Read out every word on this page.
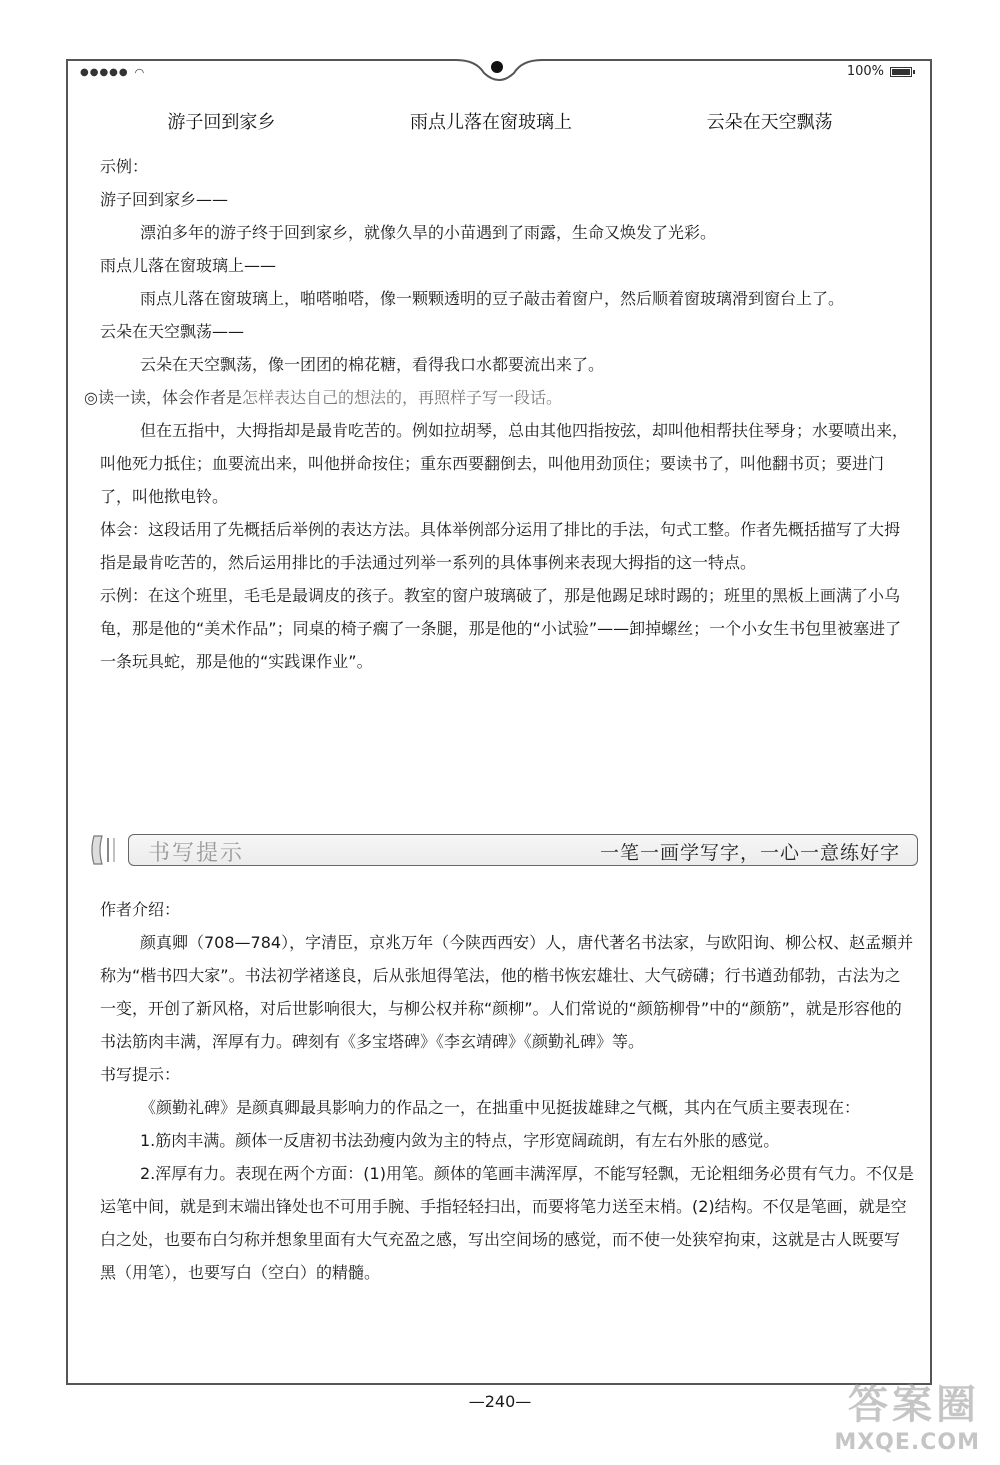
●●●●● ◠	100%
游子回到家乡	雨点儿落在窗玻璃上	云朵在天空飘荡

示例：

游子回到家乡——

漂泊多年的游子终于回到家乡，就像久旱的小苗遇到了雨露，生命又焕发了光彩。

雨点儿落在窗玻璃上——

雨点儿落在窗玻璃上，啪嗒啪嗒，像一颗颗透明的豆子敲击着窗户，然后顺着窗玻璃滑到窗台上了。

云朵在天空飘荡——

云朵在天空飘荡，像一团团的棉花糖，看得我口水都要流出来了。

◎读一读，体会作者是怎样表达自己的想法的，再照样子写一段话。

但在五指中，大拇指却是最肯吃苦的。例如拉胡琴，总由其他四指按弦，却叫他相帮扶住琴身；水要喷出来，叫他死力抵住；血要流出来，叫他拼命按住；重东西要翻倒去，叫他用劲顶住；要读书了，叫他翻书页；要进门了，叫他揿电铃。

体会：这段话用了先概括后举例的表达方法。具体举例部分运用了排比的手法，句式工整。作者先概括描写了大拇指是最肯吃苦的，然后运用排比的手法通过列举一系列的具体事例来表现大拇指的这一特点。

示例：在这个班里，毛毛是最调皮的孩子。教室的窗户玻璃破了，那是他踢足球时踢的；班里的黑板上画满了小乌龟，那是他的“美术作品”；同桌的椅子瘸了一条腿，那是他的“小试验”——卸掉螺丝；一个小女生书包里被塞进了一条玩具蛇，那是他的“实践课作业”。

书写提示	一笔一画学写字，一心一意练好字

作者介绍：

颜真卿（708—784），字清臣，京兆万年（今陕西西安）人，唐代著名书法家，与欧阳询、柳公权、赵孟頫并称为“楷书四大家”。书法初学褚遂良，后从张旭得笔法，他的楷书恢宏雄壮、大气磅礴；行书遒劲郁勃，古法为之一变，开创了新风格，对后世影响很大，与柳公权并称“颜柳”。人们常说的“颜筋柳骨”中的“颜筋”，就是形容他的书法筋肉丰满，浑厚有力。碑刻有《多宝塔碑》《李玄靖碑》《颜勤礼碑》等。

书写提示：

《颜勤礼碑》是颜真卿最具影响力的作品之一，在拙重中见挺拔雄肆之气概，其内在气质主要表现在：

1.筋肉丰满。颜体一反唐初书法劲瘦内敛为主的特点，字形宽阔疏朗，有左右外胀的感觉。

2.浑厚有力。表现在两个方面：(1)用笔。颜体的笔画丰满浑厚，不能写轻飘，无论粗细务必贯有气力。不仅是运笔中间，就是到末端出锋处也不可用手腕、手指轻轻扫出，而要将笔力送至末梢。(2)结构。不仅是笔画，就是空白之处，也要布白匀称并想象里面有大气充盈之感，写出空间场的感觉，而不使一处狭窄拘束，这就是古人既要写黑（用笔），也要写白（空白）的精髓。

—240—	答案圈
MXQE.COM
